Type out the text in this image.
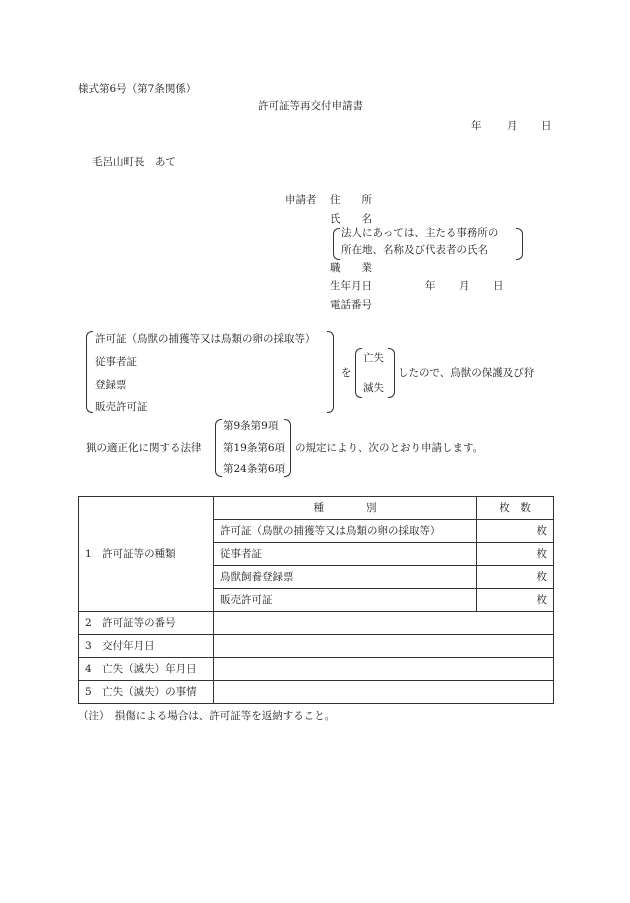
様式第6号（第7条関係）
許可証等再交付申請書
年 月 日
毛呂山町長　あて
申請者 住　　所
氏　　名
法人にあっては、主たる事務所の
所在地、名称及び代表者の氏名
職　　業
生年月日	年 月 日
電話番号
許可証（鳥獣の捕獲等又は鳥類の卵の採取等）
従事者証
登録票
販売許可証
を
亡失
滅失
したので、鳥獣の保護及び狩
猟の適正化に関する法律
第9条第9項
第19条第6項
第24条第6項
の規定により、次のとおり申請します。
1　許可証等の種類	種　　　　別	枚　数
	許可証（鳥獣の捕獲等又は鳥類の卵の採取等）	枚
	従事者証	枚
	鳥獣飼養登録票	枚
	販売許可証	枚
2　許可証等の番号		
3　交付年月日		
4　亡失（滅失）年月日		
5　亡失（滅失）の事情		
（注）　損傷による場合は、許可証等を返納すること。
